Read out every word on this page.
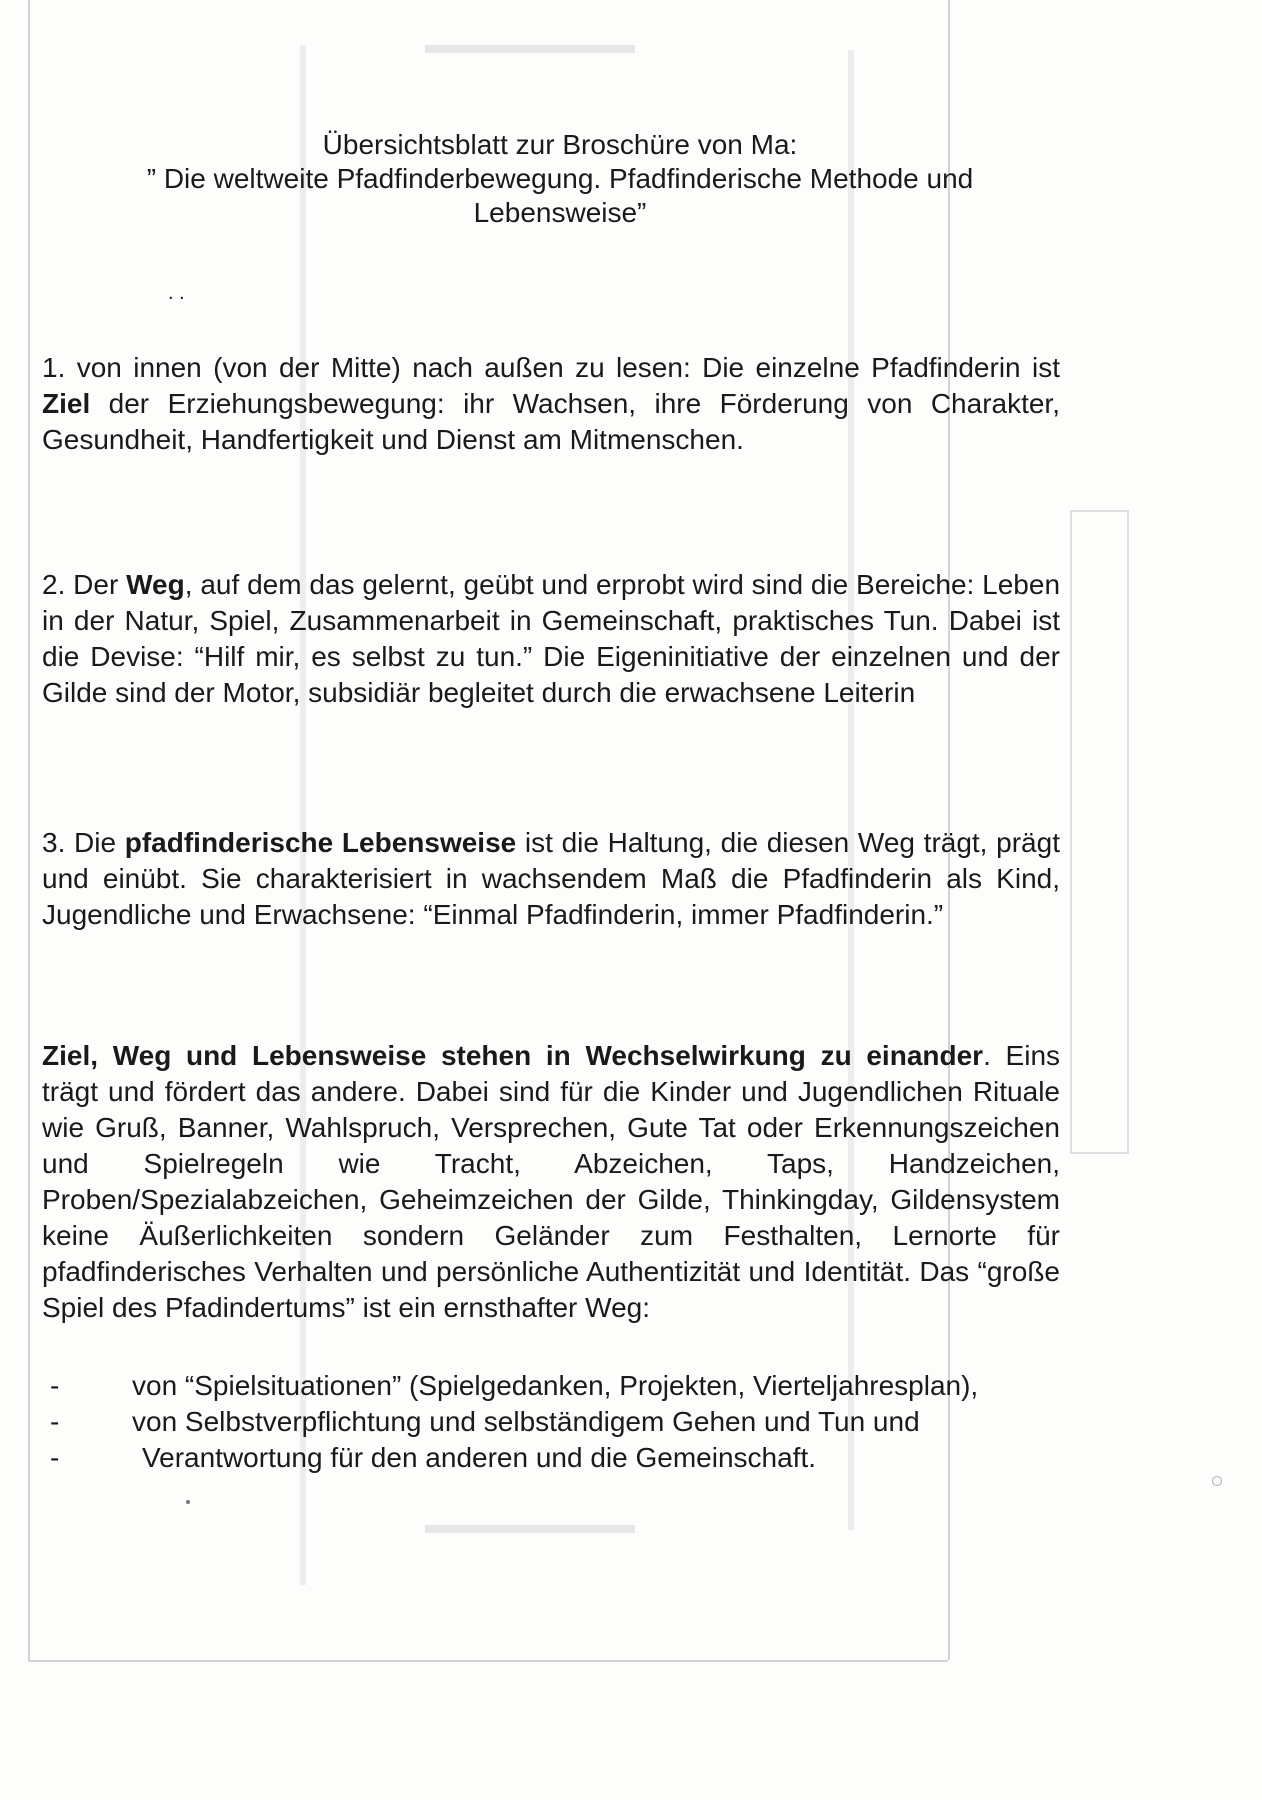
Übersichtsblatt zur Broschüre von Ma:
” Die weltweite Pfadfinderbewegung. Pfadfinderische Methode und
Lebensweise”
. .
1. von innen (von der Mitte) nach außen zu lesen: Die einzelne Pfadfinderin ist Ziel der Erziehungsbewegung: ihr Wachsen, ihre Förderung von Charakter, Gesundheit, Handfertigkeit und Dienst am Mitmenschen.
2. Der Weg, auf dem das gelernt, geübt und erprobt wird sind die Bereiche: Leben in der Natur, Spiel, Zusammenarbeit in Gemeinschaft, praktisches Tun. Dabei ist die Devise: “Hilf mir, es selbst zu tun.” Die Eigeninitiative der einzelnen und der Gilde sind der Motor, subsidiär begleitet durch die erwachsene Leiterin
3. Die pfadfinderische Lebensweise ist die Haltung, die diesen Weg trägt, prägt und einübt. Sie charakterisiert in wachsendem Maß die Pfadfinderin als Kind, Jugendliche und Erwachsene: “Einmal Pfadfinderin, immer Pfadfinderin.”
Ziel, Weg und Lebensweise stehen in Wechselwirkung zu einander. Eins trägt und fördert das andere. Dabei sind für die Kinder und Jugendlichen Rituale wie Gruß, Banner, Wahlspruch, Versprechen, Gute Tat oder Erkennungszeichen und Spielregeln wie Tracht, Abzeichen, Taps, Handzeichen, Proben/Spezialabzeichen, Geheimzeichen der Gilde, Thinkingday, Gildensystem keine Äußerlichkeiten sondern Geländer zum Festhalten, Lernorte für pfadfinderisches Verhalten und persönliche Authentizität und Identität. Das “große Spiel des Pfadindertums” ist ein ernsthafter Weg:
-	von “Spielsituationen” (Spielgedanken, Projekten, Vierteljahresplan),
-	von Selbstverpflichtung und selbständigem Gehen und Tun und
-	Verantwortung für den anderen und die Gemeinschaft.
